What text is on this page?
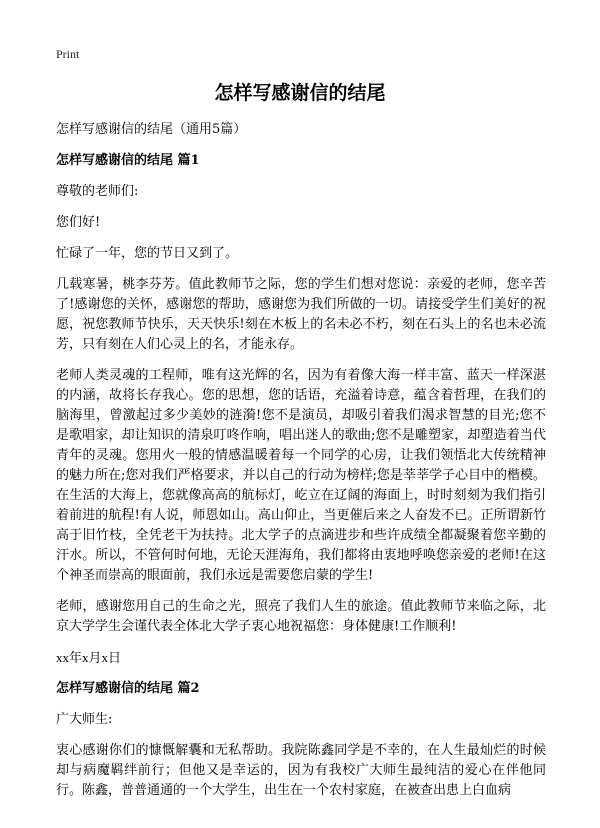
Print
怎样写感谢信的结尾

怎样写感谢信的结尾（通用5篇）

怎样写感谢信的结尾 篇1

尊敬的老师们:

您们好!

忙碌了一年，您的节日又到了。

几载寒暑，桃李芬芳。值此教师节之际，您的学生们想对您说：亲爱的老师，您辛苦了!感谢您的关怀，感谢您的帮助，感谢您为我们所做的一切。请接受学生们美好的祝愿，祝您教师节快乐，天天快乐!刻在木板上的名未必不朽，刻在石头上的名也未必流芳，只有刻在人们心灵上的名，才能永存。

老师人类灵魂的工程师，唯有这光辉的名，因为有着像大海一样丰富、蓝天一样深湛的内涵，故将长存我心。您的思想，您的话语，充溢着诗意，蕴含着哲理，在我们的脑海里，曾激起过多少美妙的涟漪!您不是演员，却吸引着我们渴求智慧的目光;您不是歌唱家，却让知识的清泉叮咚作响，唱出迷人的歌曲;您不是雕塑家，却塑造着当代青年的灵魂。您用火一般的情感温暖着每一个同学的心房，让我们领悟北大传统精神的魅力所在;您对我们严格要求，并以自己的行动为榜样;您是莘莘学子心目中的楷模。在生活的大海上，您就像高高的航标灯，屹立在辽阔的海面上，时时刻刻为我们指引着前进的航程!有人说，师恩如山。高山仰止，当更催后来之人奋发不已。正所谓新竹高于旧竹枝，全凭老干为扶持。北大学子的点滴进步和些许成绩全都凝聚着您辛勤的汗水。所以，不管何时何地，无论天涯海角，我们都将由衷地呼唤您亲爱的老师!在这个神圣而崇高的眼面前，我们永远是需要您启蒙的学生!

老师，感谢您用自己的生命之光，照亮了我们人生的旅途。值此教师节来临之际，北京大学学生会谨代表全体北大学子衷心地祝福您：身体健康!工作顺利!

xx年x月x日

怎样写感谢信的结尾 篇2

广大师生:

衷心感谢你们的慷慨解囊和无私帮助。我院陈鑫同学是不幸的，在人生最灿烂的时候却与病魔羁绊前行；但他又是幸运的，因为有我校广大师生最纯洁的爱心在伴他同行。陈鑫，普普通通的一个大学生，出生在一个农村家庭，在被查出患上白血病
